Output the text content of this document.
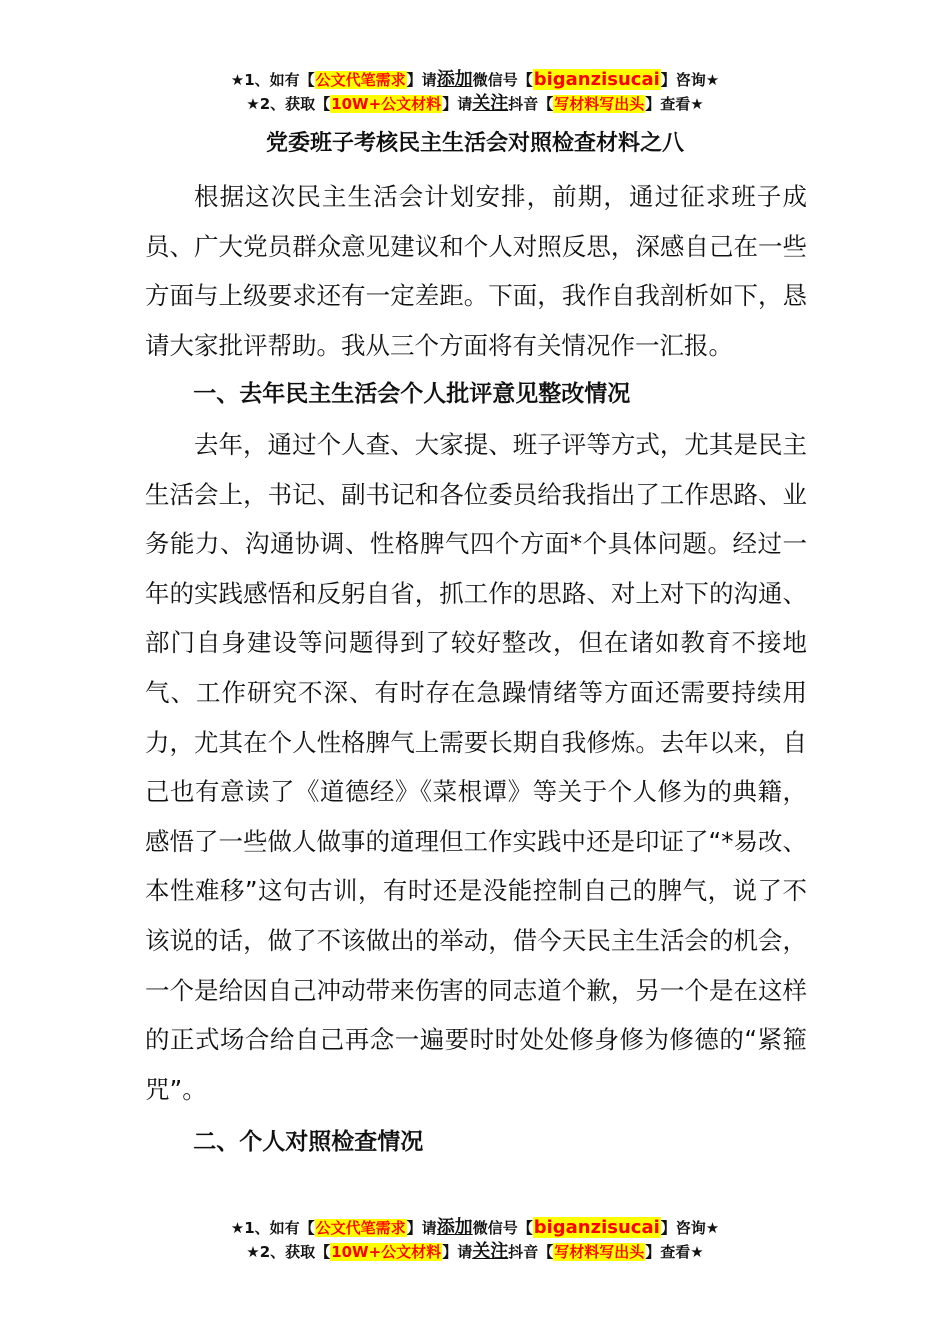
★1、如有【公文代笔需求】请添加微信号【biganzisucai】咨询★
★2、获取【10W+公文材料】请关注抖音【写材料写出头】查看★
党委班子考核民主生活会对照检查材料之八

根据这次民主生活会计划安排，前期，通过征求班子成员、广大党员群众意见建议和个人对照反思，深感自己在一些方面与上级要求还有一定差距。下面，我作自我剖析如下，恳请大家批评帮助。我从三个方面将有关情况作一汇报。

一、去年民主生活会个人批评意见整改情况

去年，通过个人查、大家提、班子评等方式，尤其是民主生活会上，书记、副书记和各位委员给我指出了工作思路、业务能力、沟通协调、性格脾气四个方面*个具体问题。经过一年的实践感悟和反躬自省，抓工作的思路、对上对下的沟通、部门自身建设等问题得到了较好整改，但在诸如教育不接地气、工作研究不深、有时存在急躁情绪等方面还需要持续用力，尤其在个人性格脾气上需要长期自我修炼。去年以来，自己也有意读了《道德经》《菜根谭》等关于个人修为的典籍，感悟了一些做人做事的道理但工作实践中还是印证了“*易改、本性难移”这句古训，有时还是没能控制自己的脾气，说了不该说的话，做了不该做出的举动，借今天民主生活会的机会，一个是给因自己冲动带来伤害的同志道个歉，另一个是在这样的正式场合给自己再念一遍要时时处处修身修为修德的“紧箍咒”。

二、个人对照检查情况
★1、如有【公文代笔需求】请添加微信号【biganzisucai】咨询★
★2、获取【10W+公文材料】请关注抖音【写材料写出头】查看★
